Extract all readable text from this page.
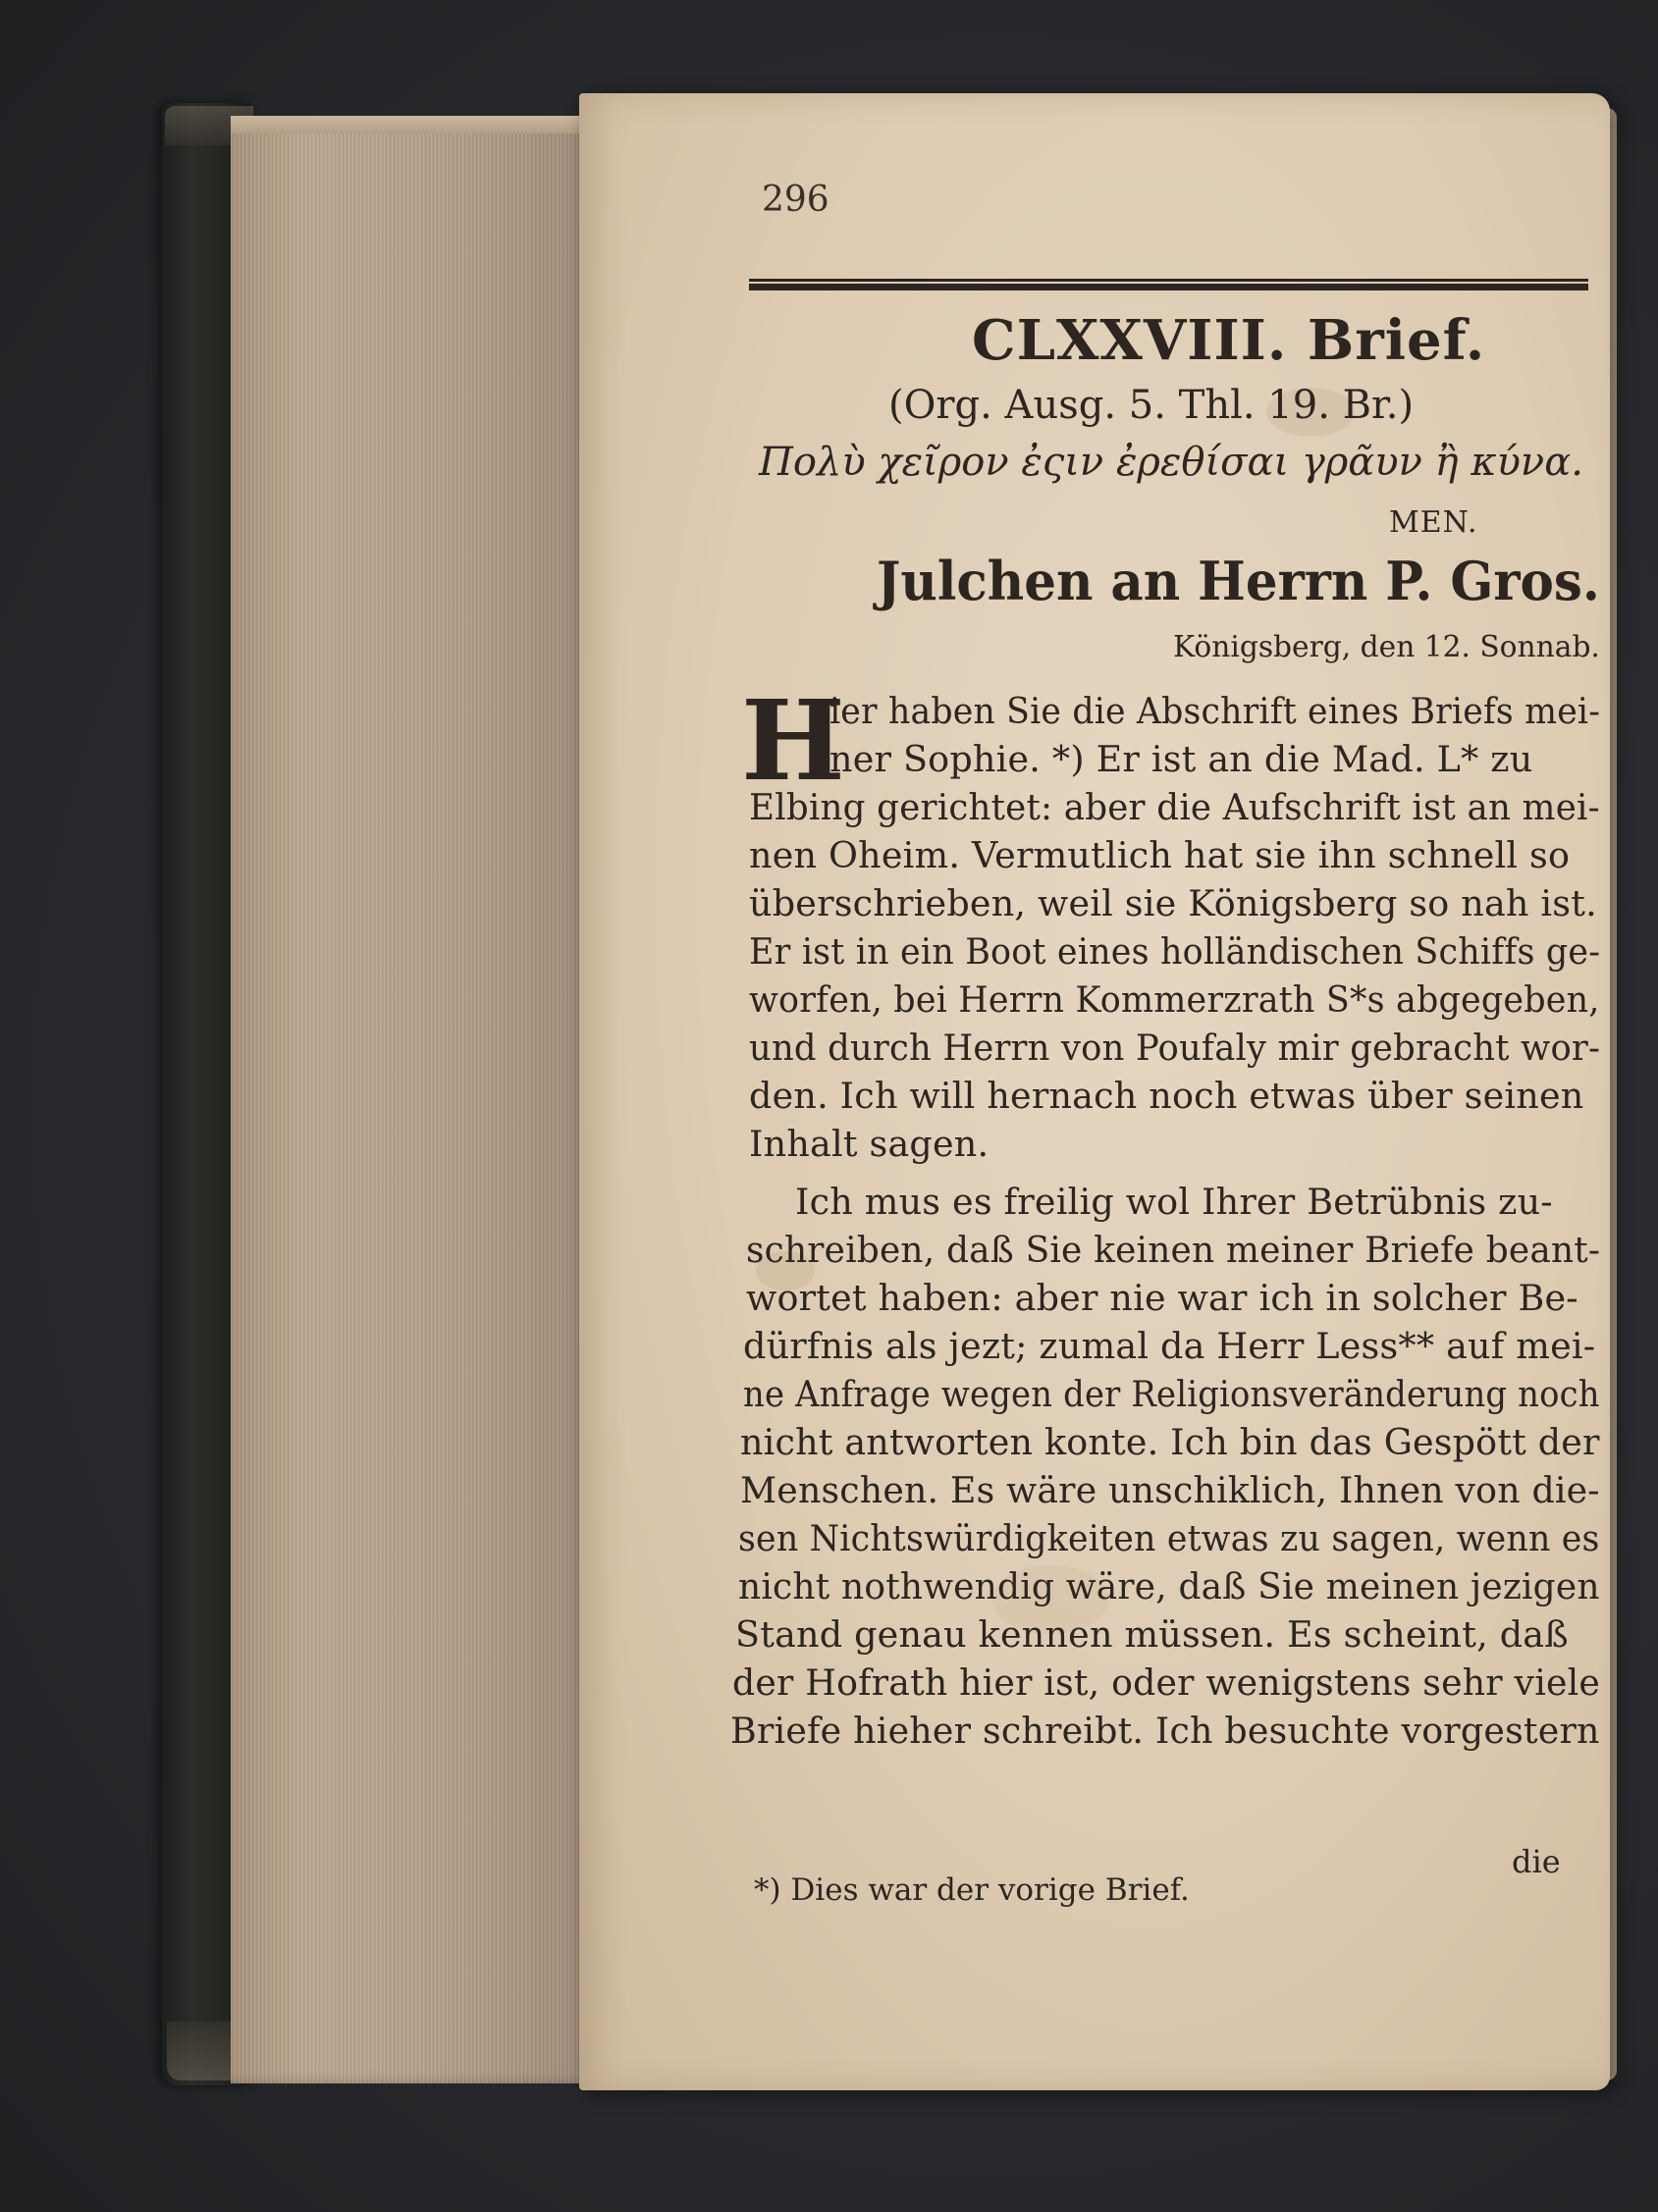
296
CLXXVIII. Brief.
(Org. Ausg. 5. Thl. 19. Br.)
Πολὺ χεῖρον ἐςιν ἐρεθίσαι γρᾶυν ἢ κύνα.
MEN.
Julchen an Herrn P. Gros.
Königsberg, den 12. Sonnab.
H
ier haben Sie die Abschrift eines Briefs mei-
ner Sophie. *) Er ist an die Mad. L* zu
Elbing gerichtet: aber die Aufschrift ist an mei-
nen Oheim. Vermutlich hat sie ihn schnell so
überschrieben, weil sie Königsberg so nah ist.
Er ist in ein Boot eines holländischen Schiffs ge-
worfen, bei Herrn Kommerzrath S*s abgegeben,
und durch Herrn von Poufaly mir gebracht wor-
den. Ich will hernach noch etwas über seinen
Inhalt sagen.
Ich mus es freilig wol Ihrer Betrübnis zu-
schreiben, daß Sie keinen meiner Briefe beant-
wortet haben: aber nie war ich in solcher Be-
dürfnis als jezt; zumal da Herr Less** auf mei-
ne Anfrage wegen der Religionsveränderung noch
nicht antworten konte. Ich bin das Gespött der
Menschen. Es wäre unschiklich, Ihnen von die-
sen Nichtswürdigkeiten etwas zu sagen, wenn es
nicht nothwendig wäre, daß Sie meinen jezigen
Stand genau kennen müssen. Es scheint, daß
der Hofrath hier ist, oder wenigstens sehr viele
Briefe hieher schreibt. Ich besuchte vorgestern
die
*) Dies war der vorige Brief.
